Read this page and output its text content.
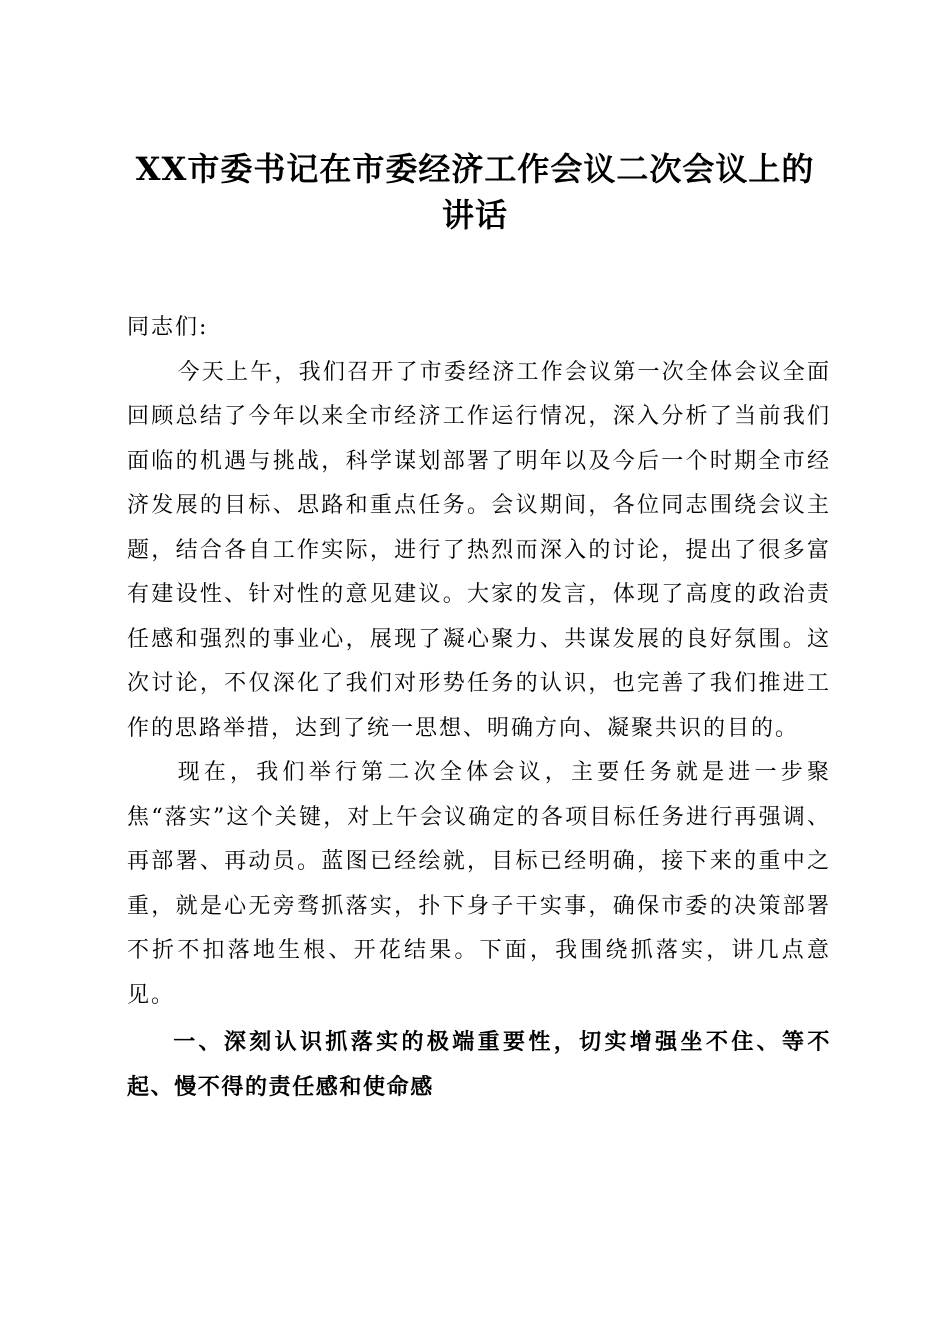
XX市委书记在市委经济工作会议二次会议上的讲话

同志们:

今天上午，我们召开了市委经济工作会议第一次全体会议全面回顾总结了今年以来全市经济工作运行情况，深入分析了当前我们面临的机遇与挑战，科学谋划部署了明年以及今后一个时期全市经济发展的目标、思路和重点任务。会议期间，各位同志围绕会议主题，结合各自工作实际，进行了热烈而深入的讨论，提出了很多富有建设性、针对性的意见建议。大家的发言，体现了高度的政治责任感和强烈的事业心，展现了凝心聚力、共谋发展的良好氛围。这次讨论，不仅深化了我们对形势任务的认识，也完善了我们推进工作的思路举措，达到了统一思想、明确方向、凝聚共识的目的。

现在，我们举行第二次全体会议，主要任务就是进一步聚焦“落实”这个关键，对上午会议确定的各项目标任务进行再强调、再部署、再动员。蓝图已经绘就，目标已经明确，接下来的重中之重，就是心无旁骛抓落实，扑下身子干实事，确保市委的决策部署不折不扣落地生根、开花结果。下面，我围绕抓落实，讲几点意见。

一、深刻认识抓落实的极端重要性，切实增强坐不住、等不起、慢不得的责任感和使命感
